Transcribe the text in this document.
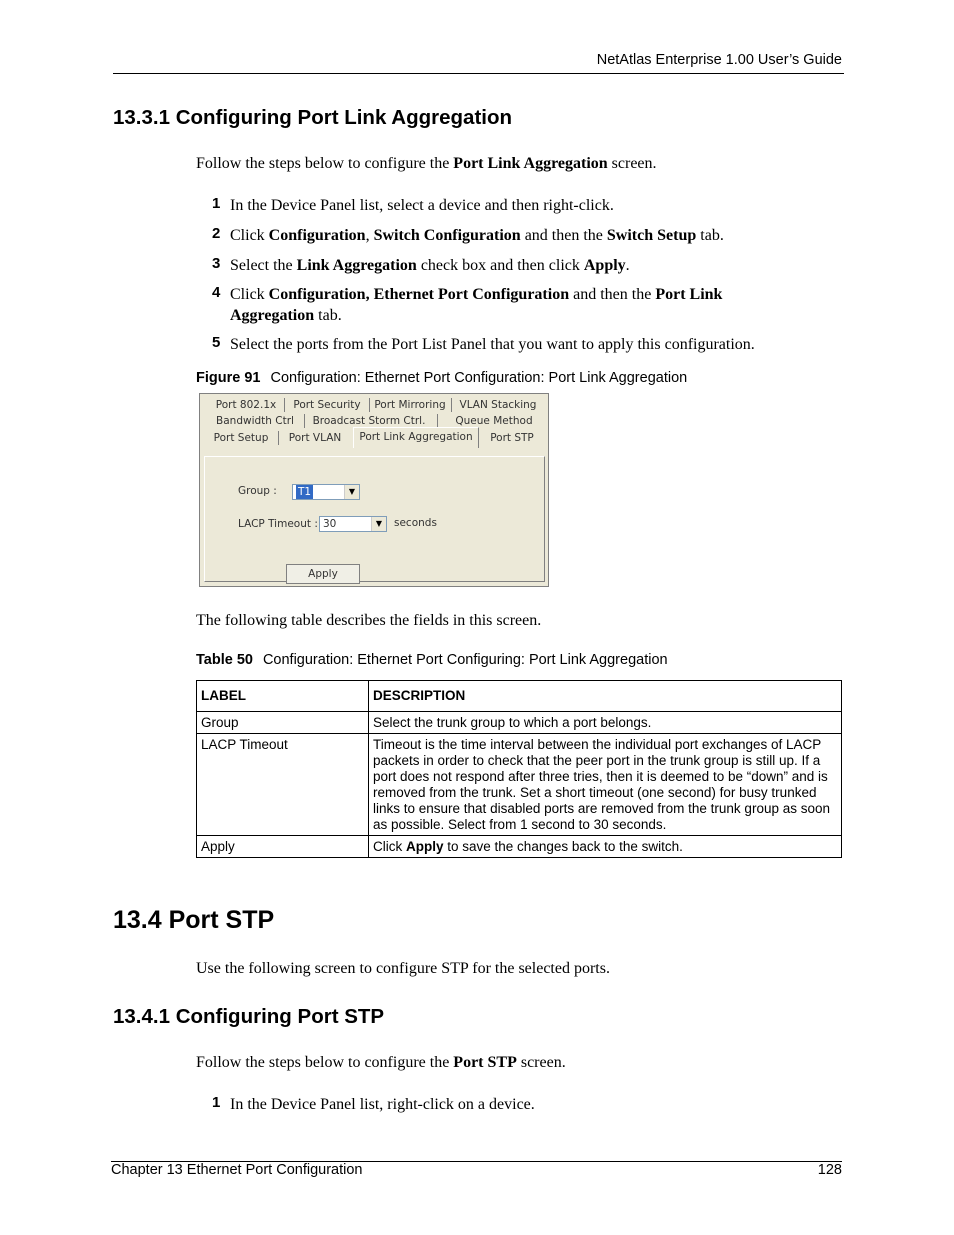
NetAtlas Enterprise 1.00 User’s Guide
13.3.1 Configuring Port Link Aggregation
Follow the steps below to configure the Port Link Aggregation screen.
1 In the Device Panel list, select a device and then right-click.
2 Click Configuration, Switch Configuration and then the Switch Setup tab.
3 Select the Link Aggregation check box and then click Apply.
4 Click Configuration, Ethernet Port Configuration and then the Port Link Aggregation tab.
5 Select the ports from the Port List Panel that you want to apply this configuration.
Figure 91 Configuration: Ethernet Port Configuration: Port Link Aggregation
Port 802.1x	Port Security	Port Mirroring	VLAN Stacking
Bandwidth Ctrl	Broadcast Storm Ctrl.	Queue Method
Port Setup	Port VLAN	Port Link Aggregation	Port STP
Group : T1	▼
LACP Timeout : 30	▼	seconds
Apply
The following table describes the fields in this screen.
Table 50 Configuration: Ethernet Port Configuring: Port Link Aggregation
LABEL	DESCRIPTION
Group	Select the trunk group to which a port belongs.
LACP Timeout	Timeout is the time interval between the individual port exchanges of LACP packets in order to check that the peer port in the trunk group is still up. If a port does not respond after three tries, then it is deemed to be “down” and is removed from the trunk. Set a short timeout (one second) for busy trunked links to ensure that disabled ports are removed from the trunk group as soon as possible. Select from 1 second to 30 seconds.
Apply	Click Apply to save the changes back to the switch.
13.4 Port STP
Use the following screen to configure STP for the selected ports.
13.4.1 Configuring Port STP
Follow the steps below to configure the Port STP screen.
1 In the Device Panel list, right-click on a device.
Chapter 13 Ethernet Port Configuration	128
